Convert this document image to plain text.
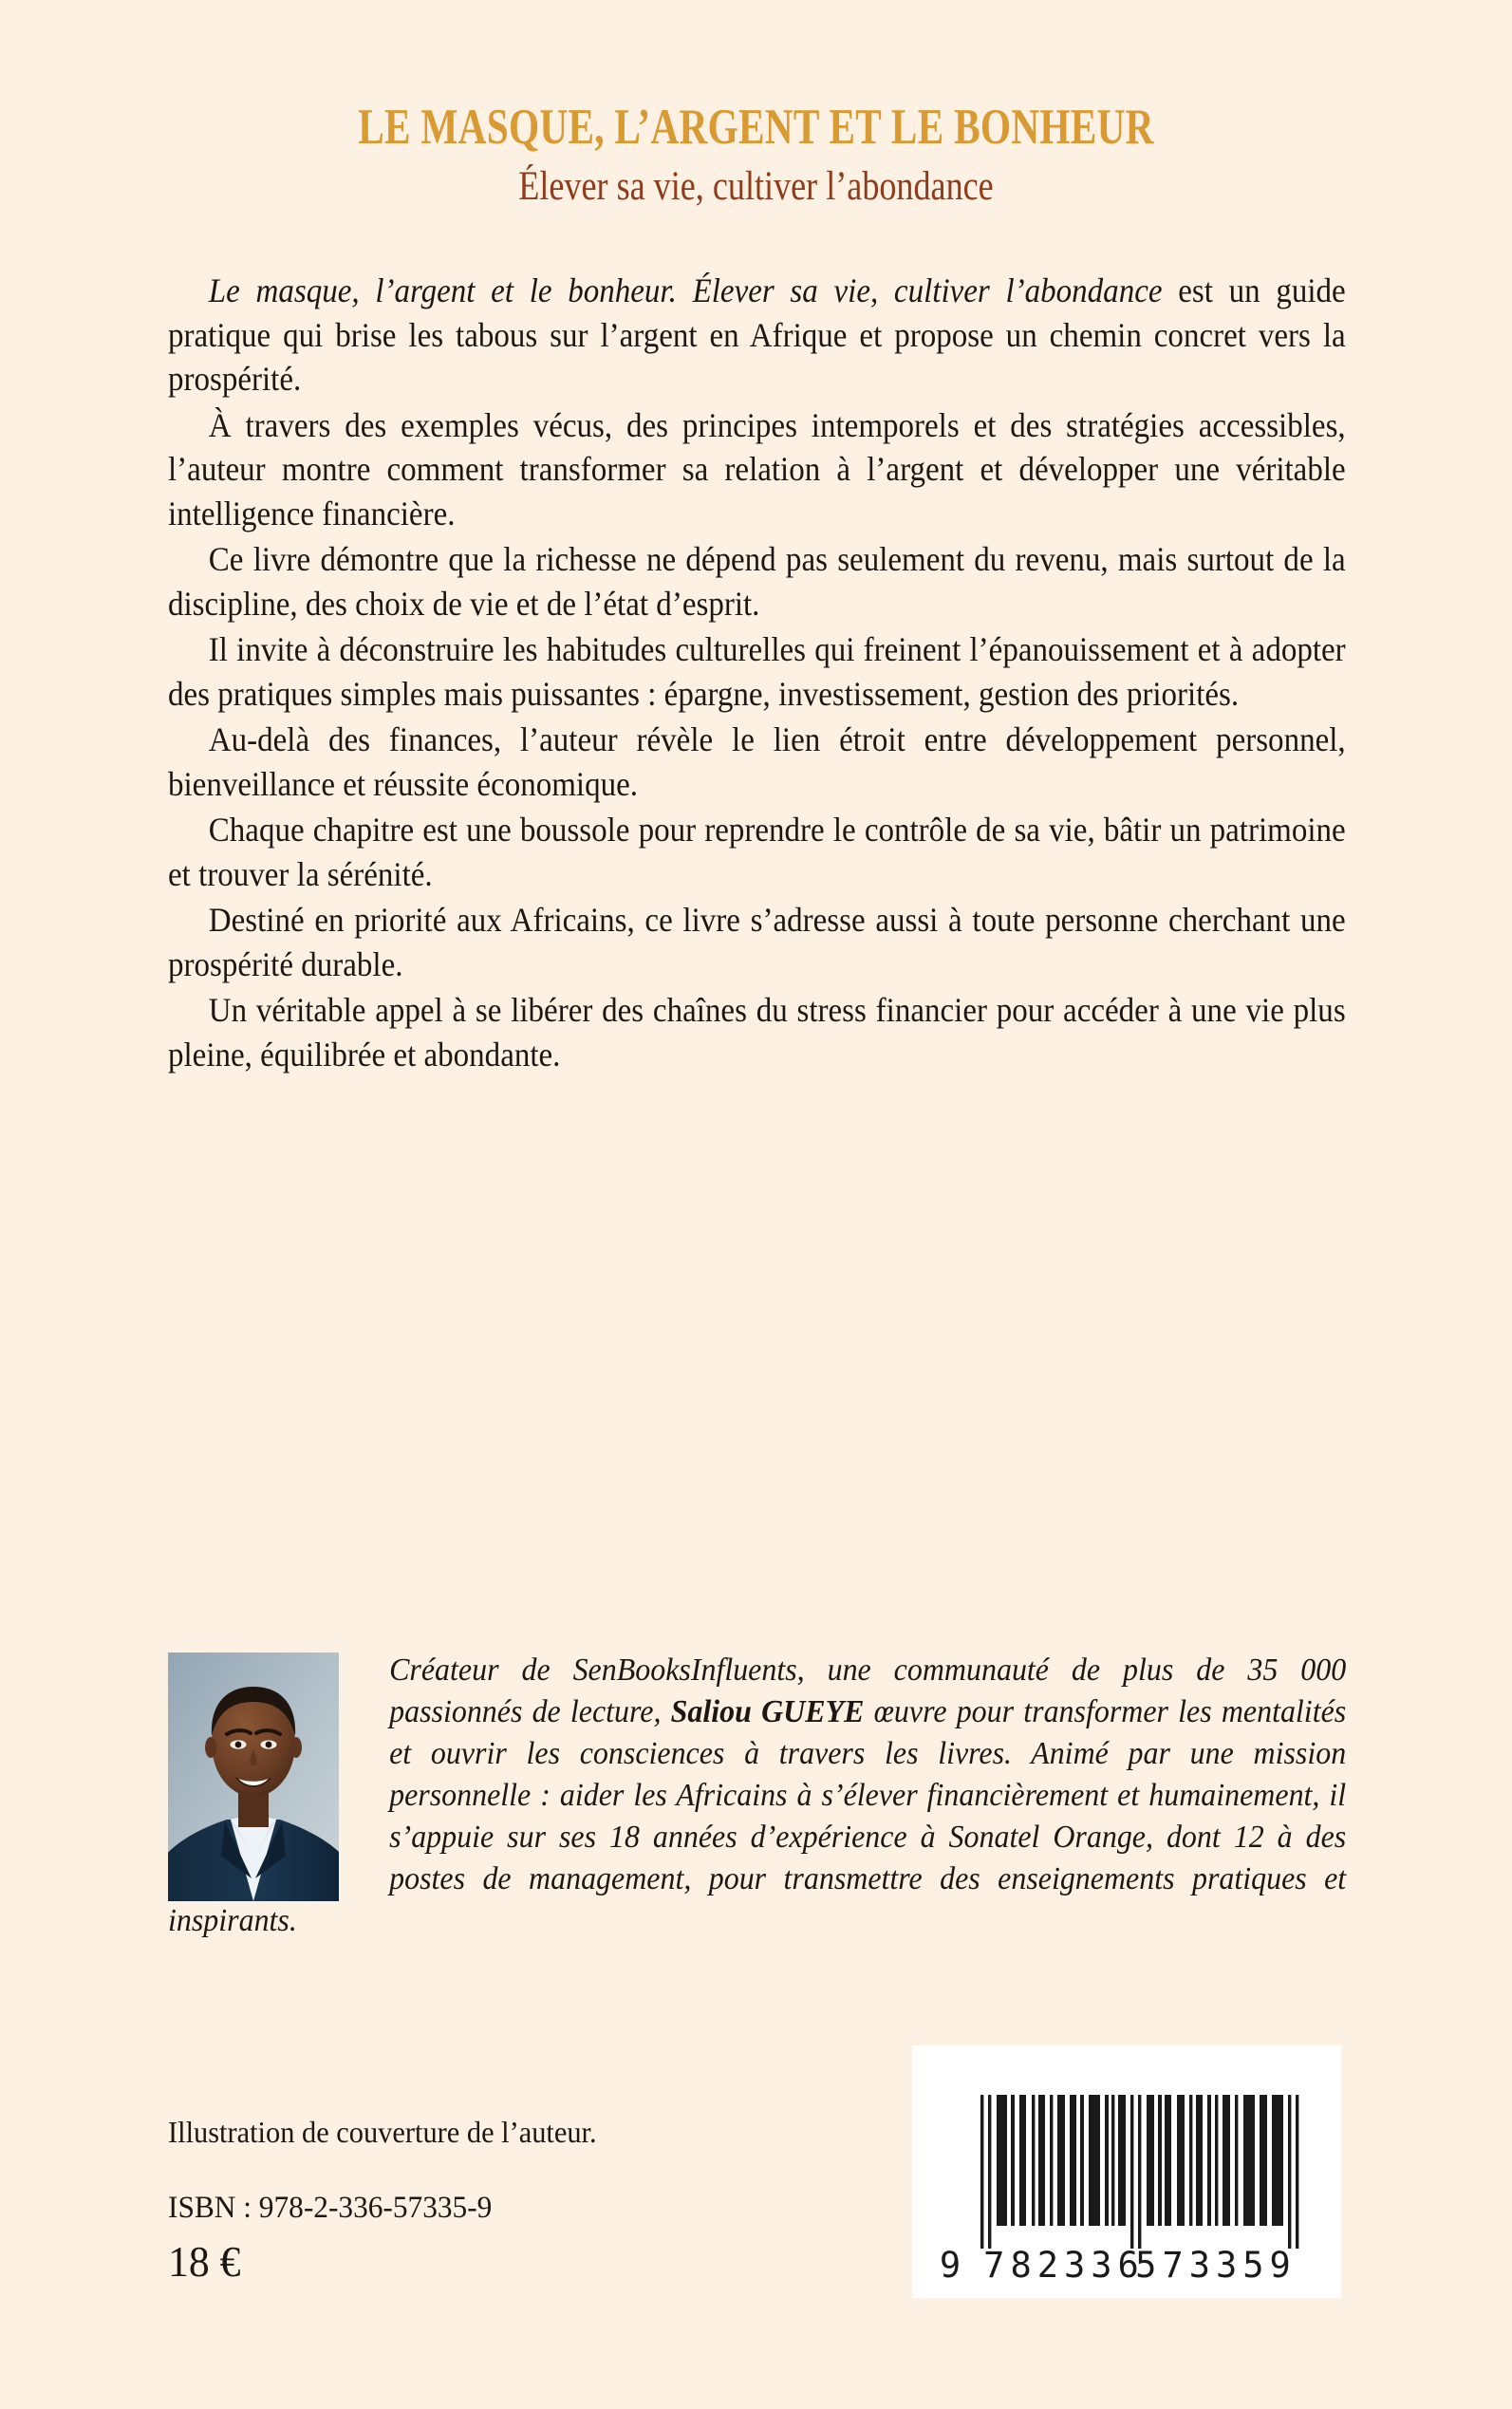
LE MASQUE, L’ARGENT ET LE BONHEUR
Élever sa vie, cultiver l’abondance

Le masque, l’argent et le bonheur. Élever sa vie, cultiver l’abondance est un guide pratique qui brise les tabous sur l’argent en Afrique et propose un chemin concret vers la prospérité.

À travers des exemples vécus, des principes intemporels et des stratégies accessibles, l’auteur montre comment transformer sa relation à l’argent et développer une véritable intelligence financière.

Ce livre démontre que la richesse ne dépend pas seulement du revenu, mais surtout de la discipline, des choix de vie et de l’état d’esprit.

Il invite à déconstruire les habitudes culturelles qui freinent l’épanouissement et à adopter des pratiques simples mais puissantes : épargne, investissement, gestion des priorités.

Au-delà des finances, l’auteur révèle le lien étroit entre développement personnel, bienveillance et réussite économique.

Chaque chapitre est une boussole pour reprendre le contrôle de sa vie, bâtir un patrimoine et trouver la sérénité.

Destiné en priorité aux Africains, ce livre s’adresse aussi à toute personne cherchant une prospérité durable.

Un véritable appel à se libérer des chaînes du stress financier pour accéder à une vie plus pleine, équilibrée et abondante.

Créateur de SenBooksInfluents, une communauté de plus de 35 000 passionnés de lecture, Saliou GUEYE œuvre pour transformer les mentalités et ouvrir les consciences à travers les livres. Animé par une mission personnelle : aider les Africains à s’élever financièrement et humainement, il s’appuie sur ses 18 années d’expérience à Sonatel Orange, dont 12 à des postes de management, pour transmettre des enseignements pratiques et inspirants.

Illustration de couverture de l’auteur.

ISBN : 978-2-336-57335-9

18 €	9 782336
573359
